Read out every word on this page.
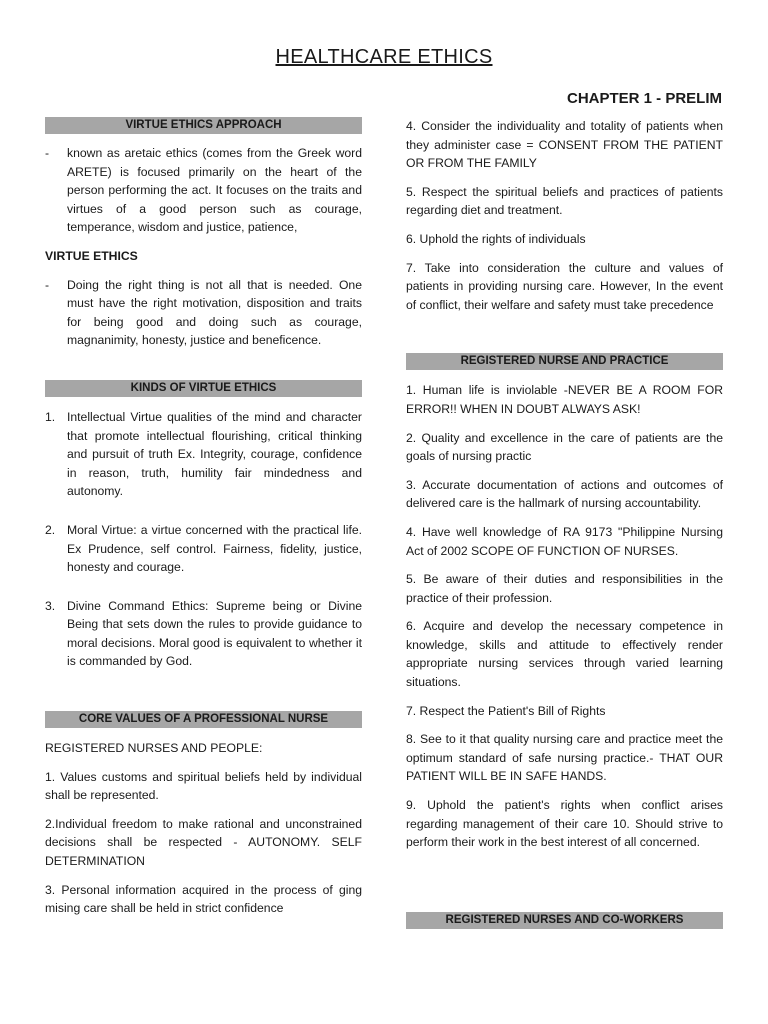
HEALTHCARE ETHICS
CHAPTER 1 - PRELIM
VIRTUE ETHICS APPROACH
-	known as aretaic ethics (comes from the Greek word ARETE) is focused primarily on the heart of the person performing the act. It focuses on the traits and virtues of a good person such as courage, temperance, wisdom and justice, patience,

VIRTUE ETHICS

-	Doing the right thing is not all that is needed. One must have the right motivation, disposition and traits for being good and doing such as courage, magnanimity, honesty, justice and beneficence.
KINDS OF VIRTUE ETHICS
1. Intellectual Virtue qualities of the mind and character that promote intellectual flourishing, critical thinking and pursuit of truth Ex. Integrity, courage, confidence in reason, truth, humility fair mindedness and autonomy.
2. Moral Virtue: a virtue concerned with the practical life. Ex Prudence, self control. Fairness, fidelity, justice, honesty and courage.
3. Divine Command Ethics: Supreme being or Divine Being that sets down the rules to provide guidance to moral decisions. Moral good is equivalent to whether it is commanded by God.
CORE VALUES OF A PROFESSIONAL NURSE

REGISTERED NURSES AND PEOPLE:

1. Values customs and spiritual beliefs held by individual shall be represented.

2.Individual freedom to make rational and unconstrained decisions shall be respected - AUTONOMY. SELF DETERMINATION

3. Personal information acquired in the process of ging mising care shall be held in strict confidence

4. Consider the individuality and totality of patients when they administer case = CONSENT FROM THE PATIENT OR FROM THE FAMILY

5. Respect the spiritual beliefs and practices of patients regarding diet and treatment.

6. Uphold the rights of individuals

7. Take into consideration the culture and values of patients in providing nursing care. However, In the event of conflict, their welfare and safety must take precedence

REGISTERED NURSE AND PRACTICE

1. Human life is inviolable -NEVER BE A ROOM FOR ERROR!! WHEN IN DOUBT ALWAYS ASK!

2. Quality and excellence in the care of patients are the goals of nursing practic

3. Accurate documentation of actions and outcomes of delivered care is the hallmark of nursing accountability.

4. Have well knowledge of RA 9173 "Philippine Nursing Act of 2002 SCOPE OF FUNCTION OF NURSES.

5. Be aware of their duties and responsibilities in the practice of their profession.

6. Acquire and develop the necessary competence in knowledge, skills and attitude to effectively render appropriate nursing services through varied learning situations.

7. Respect the Patient's Bill of Rights

8. See to it that quality nursing care and practice meet the optimum standard of safe nursing practice.- THAT OUR PATIENT WILL BE IN SAFE HANDS.

9. Uphold the patient's rights when conflict arises regarding management of their care 10. Should strive to perform their work in the best interest of all concerned.

REGISTERED NURSES AND CO-WORKERS
